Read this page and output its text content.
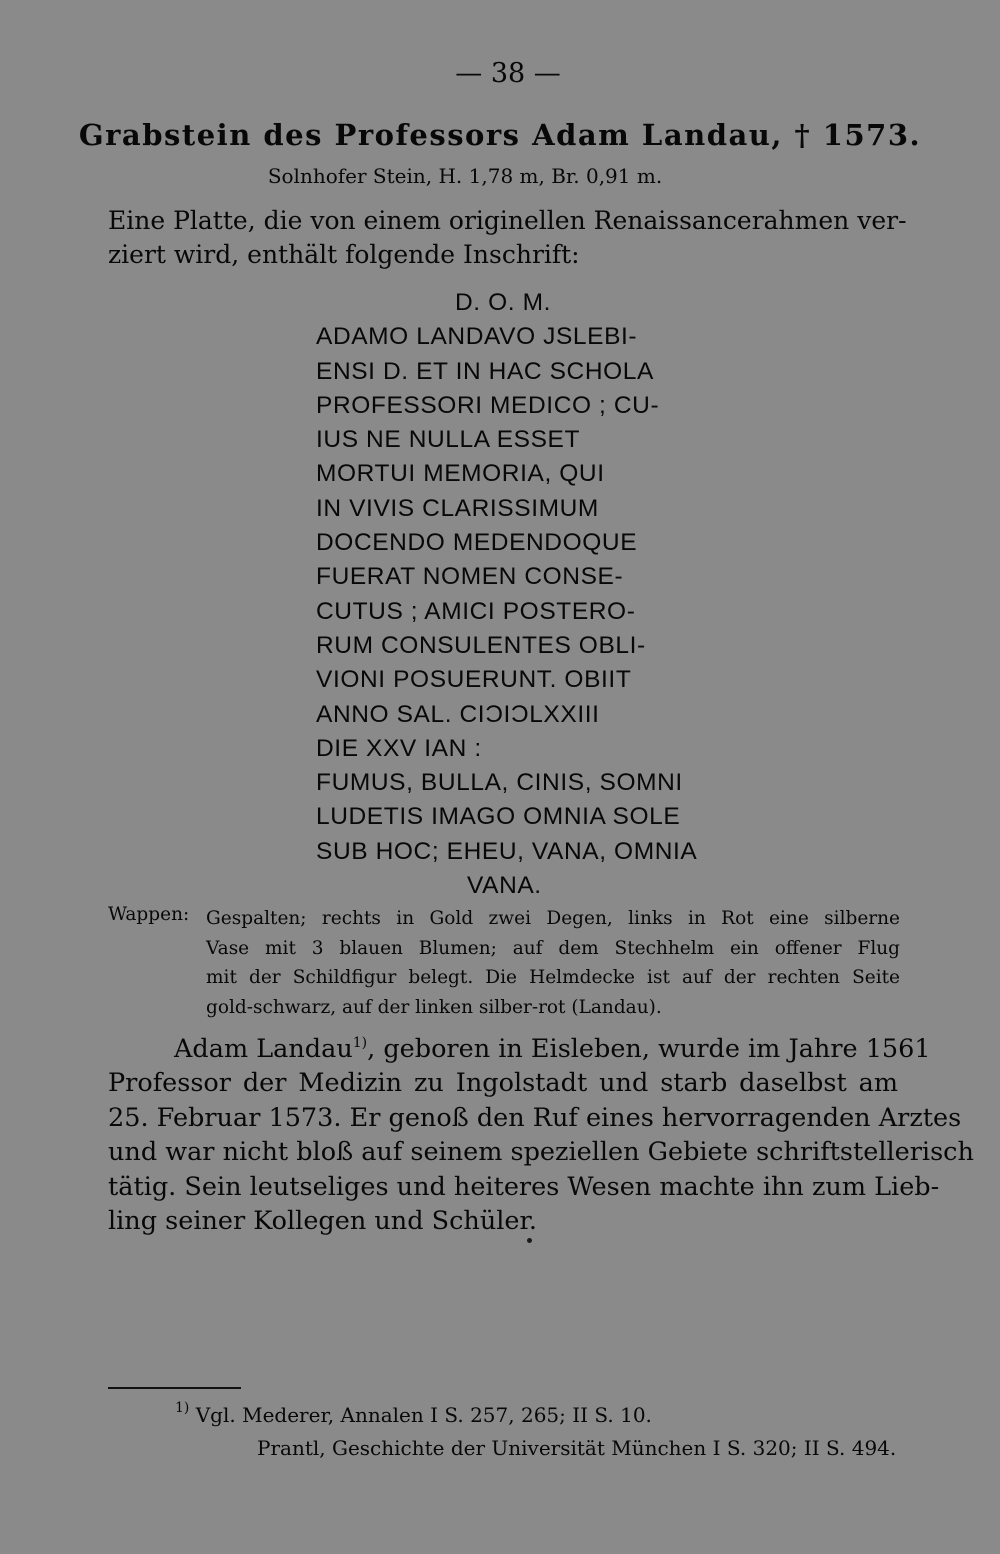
— 38 —
Grabstein des Professors Adam Landau, † 1573.
Solnhofer Stein, H. 1,78 m, Br. 0,91 m.
Eine Platte, die von einem originellen Renaissancerahmen ver-
ziert wird, enthält folgende Inschrift:
D. O. M.
ADAMO LANDAVO JSLEBI-
ENSI D. ET IN HAC SCHOLA
PROFESSORI MEDICO ; CU-
IUS NE NULLA ESSET
MORTUI MEMORIA, QUI
IN VIVIS CLARISSIMUM
DOCENDO MEDENDOQUE
FUERAT NOMEN CONSE-
CUTUS ; AMICI POSTERO-
RUM CONSULENTES OBLI-
VIONI POSUERUNT. OBIIT
ANNO SAL. CIƆIƆLXXIII
DIE XXV IAN :
FUMUS, BULLA, CINIS, SOMNI
LUDETIS IMAGO OMNIA SOLE
SUB HOC; EHEU, VANA, OMNIA
VANA.
Wappen: Gespalten; rechts in Gold zwei Degen, links in Rot eine silberne
Vase mit 3 blauen Blumen; auf dem Stechhelm ein offener Flug
mit der Schildfigur belegt. Die Helmdecke ist auf der rechten Seite
gold-schwarz, auf der linken silber-rot (Landau).
Adam Landau$^{1)}$, geboren in Eisleben, wurde im Jahre 1561
Professor der Medizin zu Ingolstadt und starb daselbst am
25. Februar 1573. Er genoß den Ruf eines hervorragenden Arztes
und war nicht bloß auf seinem speziellen Gebiete schriftstellerisch
tätig. Sein leutseliges und heiteres Wesen machte ihn zum Lieb-
ling seiner Kollegen und Schüler.
$^{1)}$ Vgl. Mederer, Annalen I S. 257, 265; II S. 10.
Prantl, Geschichte der Universität München I S. 320; II S. 494.
